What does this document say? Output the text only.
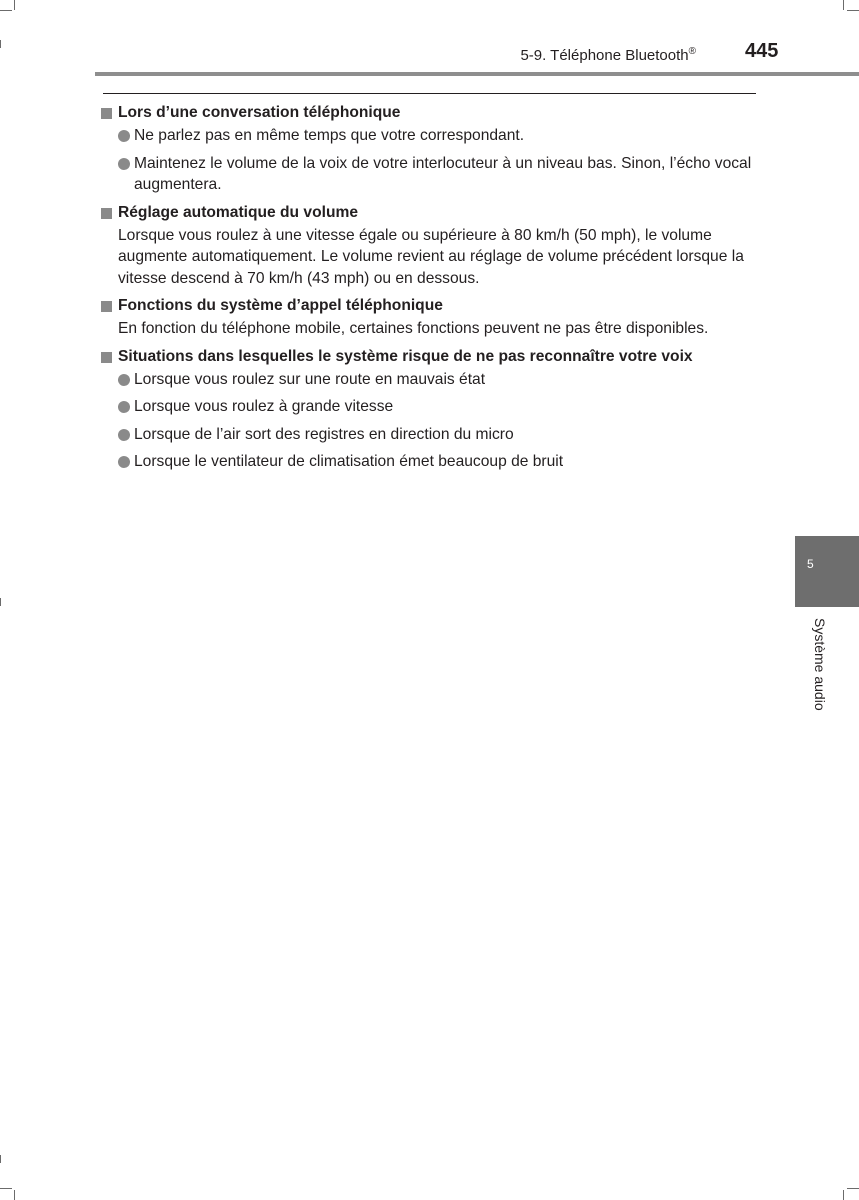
5-9. Téléphone Bluetooth® 445
Lors d’une conversation téléphonique
Ne parlez pas en même temps que votre correspondant.
Maintenez le volume de la voix de votre interlocuteur à un niveau bas. Sinon, l’écho vocal augmentera.
Réglage automatique du volume

Lorsque vous roulez à une vitesse égale ou supérieure à 80 km/h (50 mph), le volume augmente automatiquement. Le volume revient au réglage de volume précédent lorsque la vitesse descend à 70 km/h (43 mph) ou en dessous.

Fonctions du système d’appel téléphonique

En fonction du téléphone mobile, certaines fonctions peuvent ne pas être disponibles.

Situations dans lesquelles le système risque de ne pas reconnaître votre voix
Lorsque vous roulez sur une route en mauvais état
Lorsque vous roulez à grande vitesse
Lorsque de l’air sort des registres en direction du micro
Lorsque le ventilateur de climatisation émet beaucoup de bruit
5
Système audio
